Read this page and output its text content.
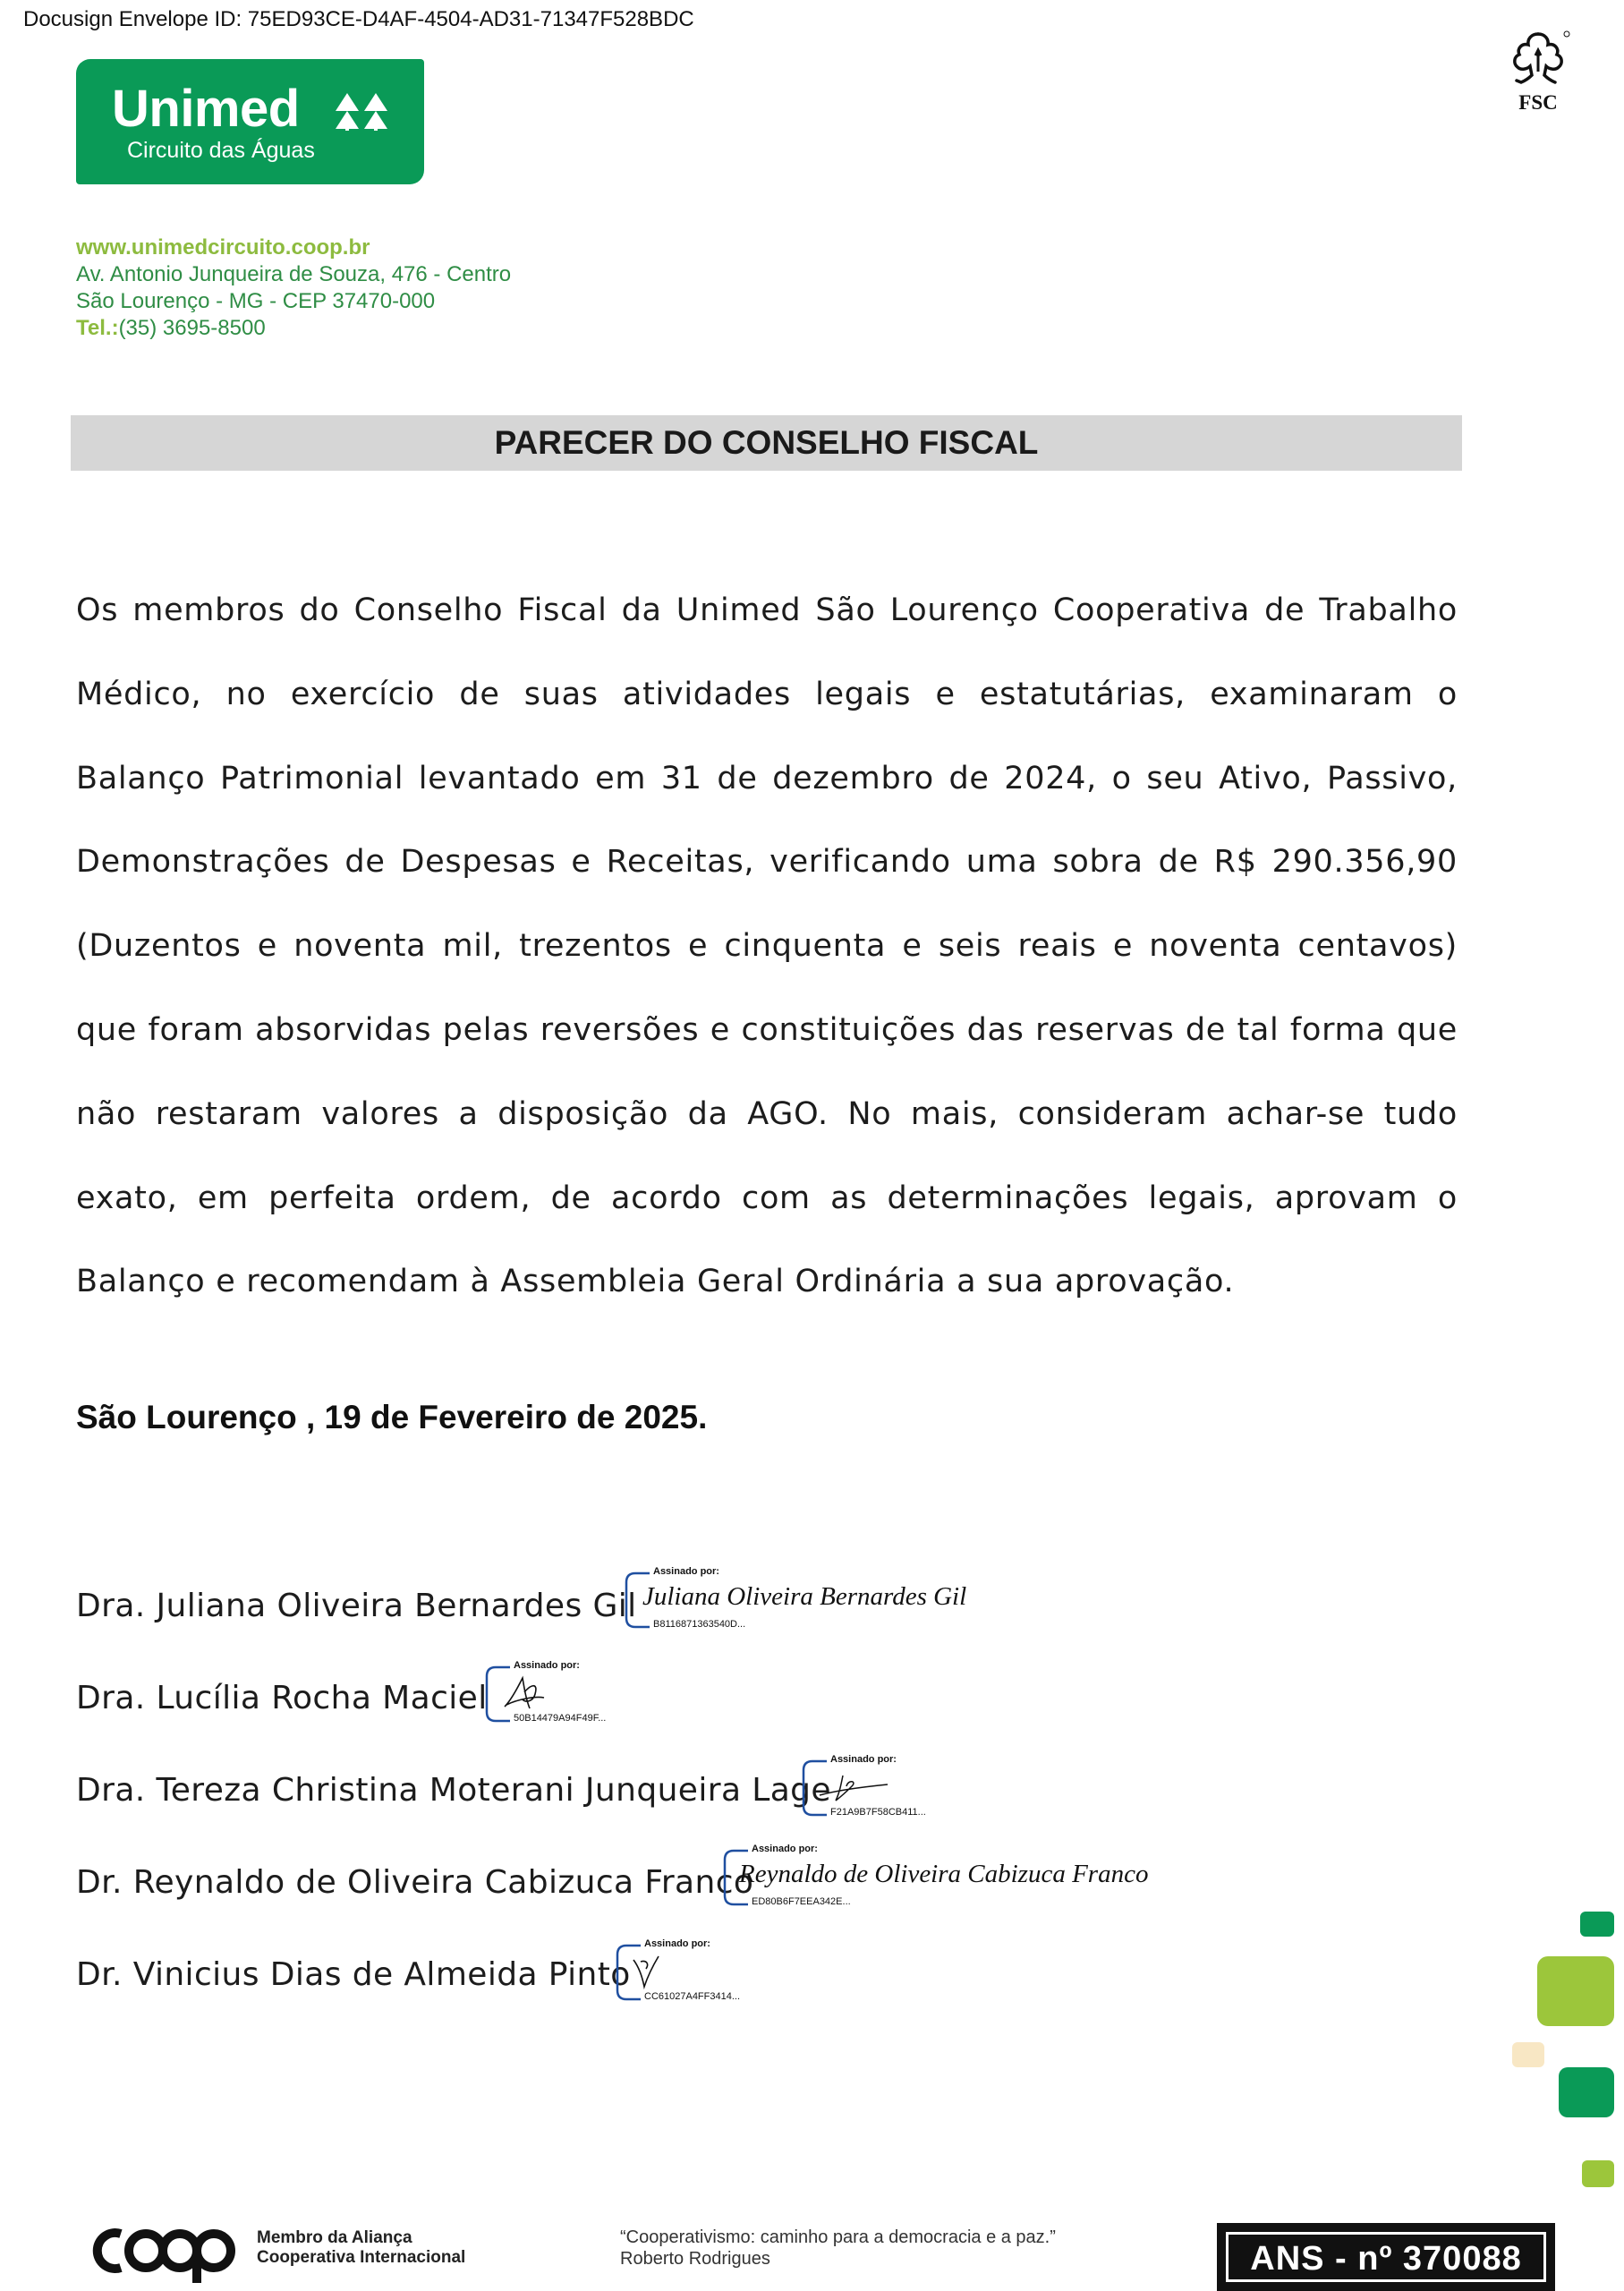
Docusign Envelope ID: 75ED93CE-D4AF-4504-AD31-71347F528BDC
Unimed
Circuito das Águas
FSC
www.unimedcircuito.coop.br
Av. Antonio Junqueira de Souza, 476 - Centro
São Lourenço - MG - CEP 37470-000
Tel.:(35) 3695-8500
PARECER DO CONSELHO FISCAL
Os membros do Conselho Fiscal da Unimed São Lourenço Cooperativa de Trabalho Médico, no exercício de suas atividades legais e estatutárias, examinaram o Balanço Patrimonial levantado em 31 de dezembro de 2024, o seu Ativo, Passivo, Demonstrações de Despesas e Receitas, verificando uma sobra de R$ 290.356,90 (Duzentos e noventa mil, trezentos e cinquenta e seis reais e noventa centavos) que foram absorvidas pelas reversões e constituições das reservas de tal forma que não restaram valores a disposição da AGO. No mais, consideram achar-se tudo exato, em perfeita ordem, de acordo com as determinações legais, aprovam o Balanço e recomendam à Assembleia Geral Ordinária a sua aprovação.
São Lourenço , 19 de Fevereiro de 2025.
Dra. Juliana Oliveira Bernardes Gil
Assinado por:
Juliana Oliveira Bernardes Gil
B8116871363540D...
Dra. Lucília Rocha Maciel
Assinado por:
50B14479A94F49F...
Dra. Tereza Christina Moterani Junqueira Lage
Assinado por:
F21A9B7F58CB411...
Dr. Reynaldo de Oliveira Cabizuca Franco
Assinado por:
Reynaldo de Oliveira Cabizuca Franco
ED80B6F7EEA342E...
Dr. Vinicius Dias de Almeida Pinto
Assinado por:
CC61027A4FF3414...
Membro da Aliança
Cooperativa Internacional
“Cooperativismo: caminho para a democracia e a paz.”
Roberto Rodrigues	ANS - nº 370088
